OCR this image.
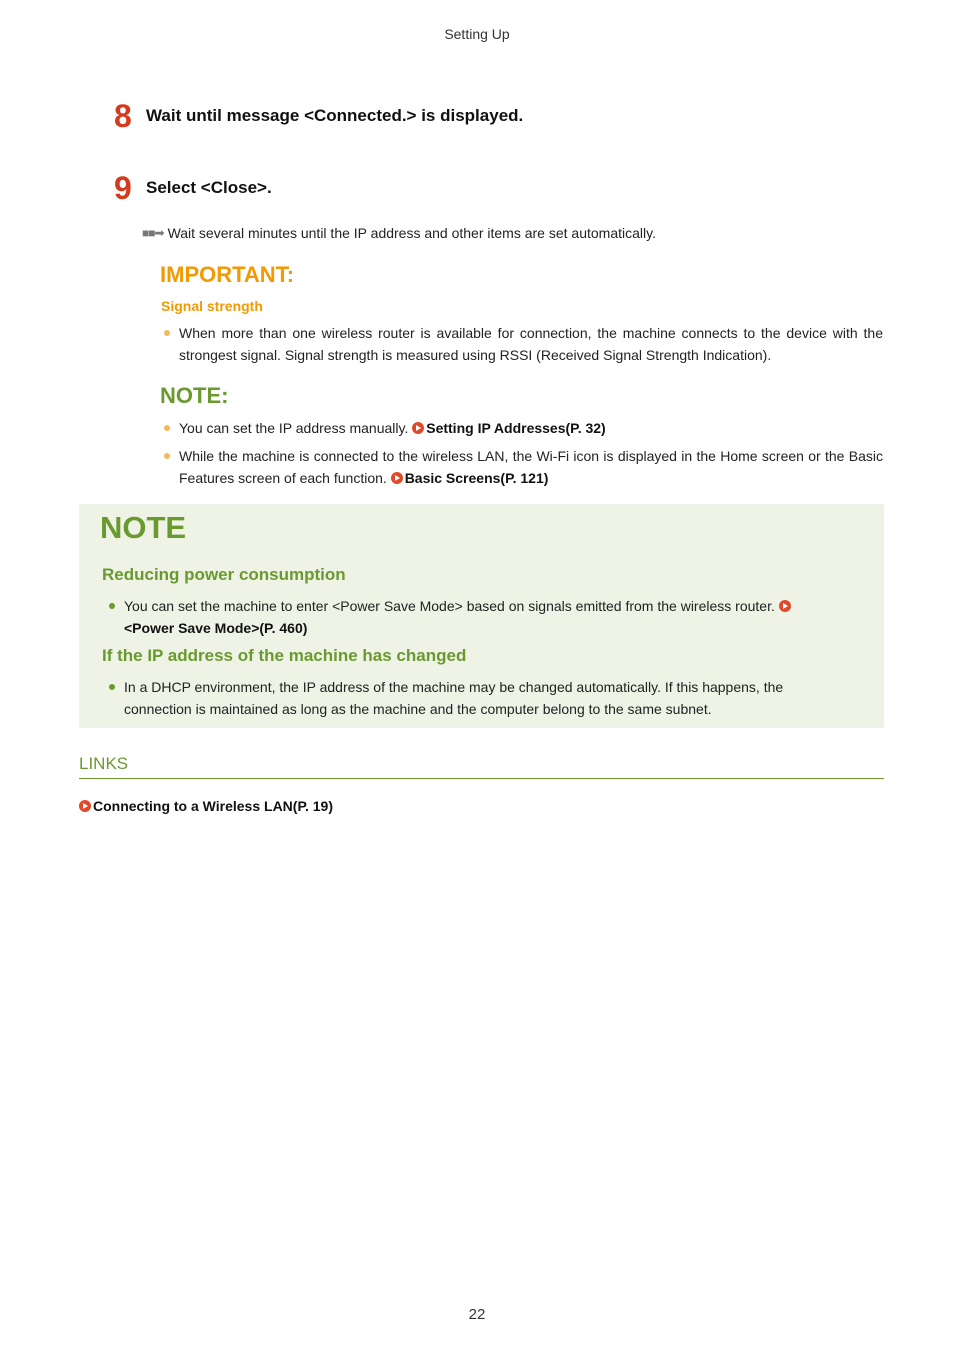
Setting Up
8 Wait until message <Connected.> is displayed.
9 Select <Close>.
■■➡ Wait several minutes until the IP address and other items are set automatically.
IMPORTANT:
Signal strength
When more than one wireless router is available for connection, the machine connects to the device with the strongest signal. Signal strength is measured using RSSI (Received Signal Strength Indication).
NOTE:
You can set the IP address manually. Setting IP Addresses(P. 32)
While the machine is connected to the wireless LAN, the Wi-Fi icon is displayed in the Home screen or the Basic Features screen of each function. Basic Screens(P. 121)
NOTE
Reducing power consumption
You can set the machine to enter <Power Save Mode> based on signals emitted from the wireless router.
<Power Save Mode>(P. 460)
If the IP address of the machine has changed
In a DHCP environment, the IP address of the machine may be changed automatically. If this happens, the connection is maintained as long as the machine and the computer belong to the same subnet.
LINKS
Connecting to a Wireless LAN(P. 19)
22
